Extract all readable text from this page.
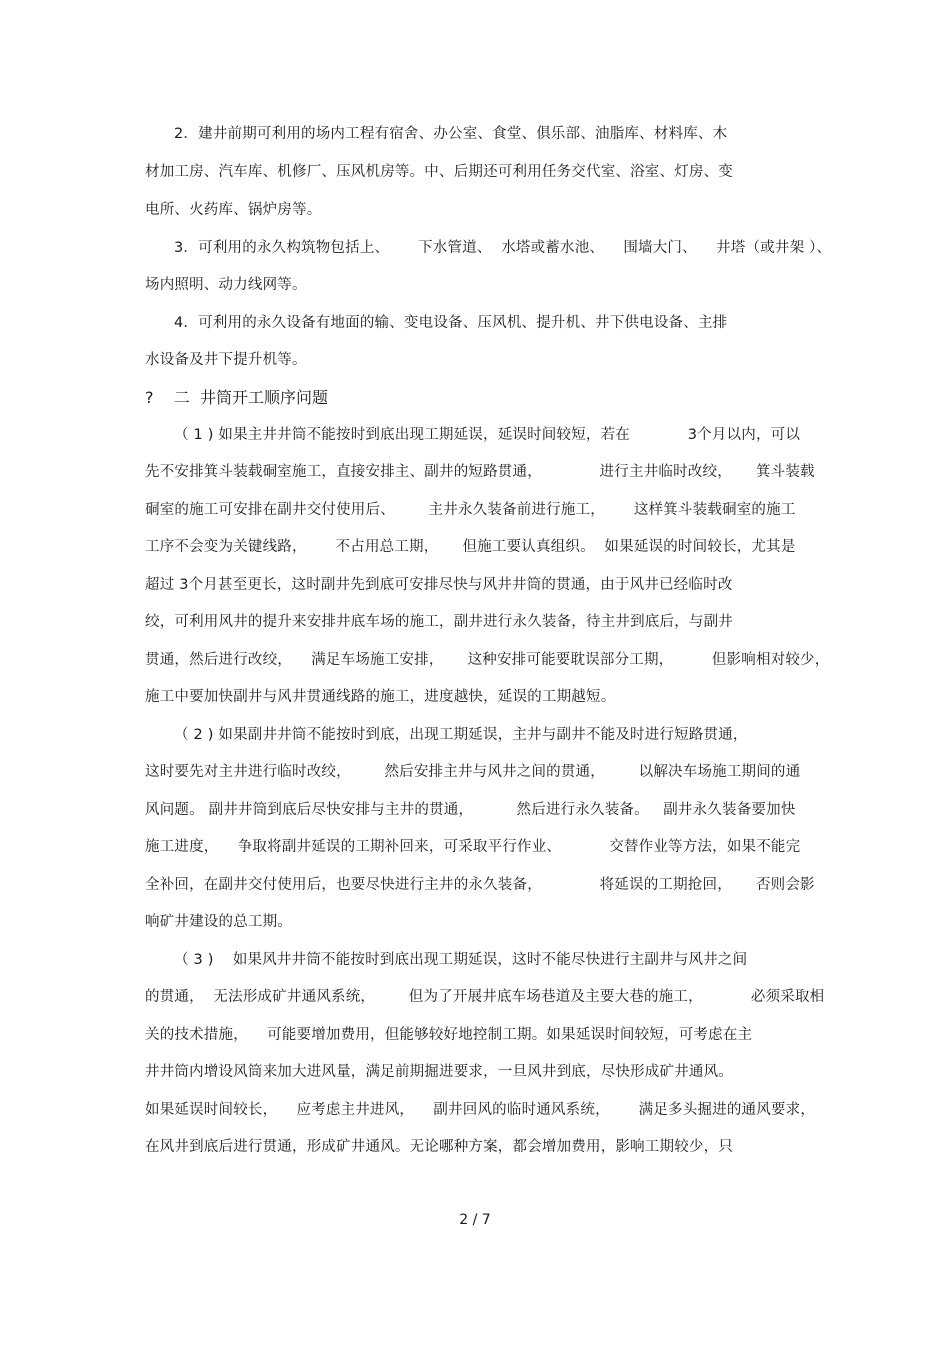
2．建井前期可利用的场内工程有宿舍、办公室、食堂、俱乐部、油脂库、材料库、木
材加工房、汽车库、机修厂、压风机房等。中、后期还可利用任务交代室、浴室、灯房、变
电所、火药库、锅炉房等。
3．可利用的永久构筑物包括上、      下水管道、  水塔或蓄水池、    围墙大门、    井塔（或井架 ）、
场内照明、动力线网等。
4．可利用的永久设备有地面的输、变电设备、压风机、提升机、井下供电设备、主排
水设备及井下提升机等。
?    二  井筒开工顺序问题
（ 1 ) 如果主井井筒不能按时到底出现工期延误，延误时间较短，若在            3个月以内，可以
先不安排箕斗装载硐室施工，直接安排主、副井的短路贯通，            进行主井临时改绞，     箕斗装载
硐室的施工可安排在副井交付使用后、       主井永久装备前进行施工，      这样箕斗装载硐室的施工
工序不会变为关键线路，      不占用总工期，     但施工要认真组织。  如果延误的时间较长，尤其是
超过 3个月甚至更长，这时副井先到底可安排尽快与风井井筒的贯通，由于风井已经临时改
绞，可利用风井的提升来安排井底车场的施工，副井进行永久装备，待主井到底后，与副井
贯通，然后进行改绞，    满足车场施工安排，     这种安排可能要耽误部分工期，        但影响相对较少，
施工中要加快副井与风井贯通线路的施工，进度越快，延误的工期越短。
（ 2 ) 如果副井井筒不能按时到底，出现工期延误，主井与副井不能及时进行短路贯通，
这时要先对主井进行临时改绞，       然后安排主井与风井之间的贯通，       以解决车场施工期间的通
风问题。 副井井筒到底后尽快安排与主井的贯通，         然后进行永久装备。   副井永久装备要加快
施工进度，    争取将副井延误的工期补回来，可采取平行作业、          交替作业等方法，如果不能完
全补回，在副井交付使用后，也要尽快进行主井的永久装备，            将延误的工期抢回，     否则会影
响矿井建设的总工期。
（ 3 )    如果风井井筒不能按时到底出现工期延误，这时不能尽快进行主副井与风井之间
的贯通，  无法形成矿井通风系统，       但为了开展井底车场巷道及主要大巷的施工，          必须采取相
关的技术措施，    可能要增加费用，但能够较好地控制工期。如果延误时间较短，可考虑在主
井井筒内增设风筒来加大进风量，满足前期掘进要求，一旦风井到底，尽快形成矿井通风。
如果延误时间较长，    应考虑主井进风，    副井回风的临时通风系统，      满足多头掘进的通风要求，
在风井到底后进行贯通，形成矿井通风。无论哪种方案，都会增加费用，影响工期较少，只
2 / 7
